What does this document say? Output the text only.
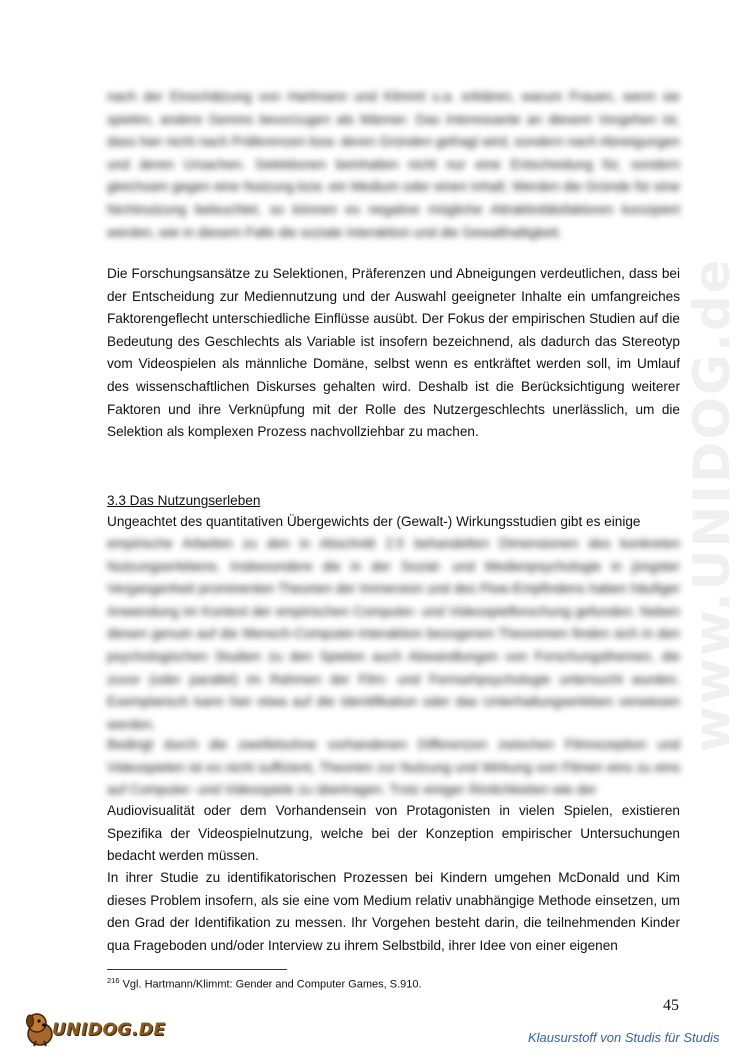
www.UNIDOG.de

nach der Einschätzung von Hartmann und Klimmt u.a. erklären, warum Frauen, wenn sie spielen, andere Genres bevorzugen als Männer. Das Interessante an diesem Vorgehen ist, dass hier nicht nach Präferenzen bzw. deren Gründen gefragt wird, sondern nach Abneigungen und deren Ursachen. Selektionen beinhalten nicht nur eine Entscheidung für, sondern gleichsam gegen eine Nutzung bzw. ein Medium oder einen Inhalt. Werden die Gründe für eine Nichtnutzung beleuchtet, so können es negative mögliche Attraktivitätsfaktoren konzipiert werden, wie in diesem Falle die soziale Interaktion und die Gewalthaltigkeit.

Die Forschungsansätze zu Selektionen, Präferenzen und Abneigungen verdeutlichen, dass bei der Entscheidung zur Mediennutzung und der Auswahl geeigneter Inhalte ein umfangreiches Faktorengeflecht unterschiedliche Einflüsse ausübt. Der Fokus der empirischen Studien auf die Bedeutung des Geschlechts als Variable ist insofern bezeichnend, als dadurch das Stereotyp vom Videospielen als männliche Domäne, selbst wenn es entkräftet werden soll, im Umlauf des wissenschaftlichen Diskurses gehalten wird. Deshalb ist die Berücksichtigung weiterer Faktoren und ihre Verknüpfung mit der Rolle des Nutzergeschlechts unerlässlich, um die Selektion als komplexen Prozess nachvollziehbar zu machen.

3.3 Das Nutzungserleben

Ungeachtet des quantitativen Übergewichts der (Gewalt-) Wirkungsstudien gibt es einige

empirische Arbeiten zu den in Abschnitt 2.5 behandelten Dimensionen des konkreten Nutzungserlebens. Insbesondere die in der Sozial- und Medienpsychologie in jüngster Vergangenheit prominenten Theorien der Immersion und des Flow-Empfindens haben häufiger Anwendung im Kontext der empirischen Computer- und Videospielforschung gefunden. Neben diesen genuin auf die Mensch-Computer-Interaktion bezogenen Theoremen finden sich in den psychologischen Studien zu den Spielen auch Abwandlungen von Forschungsthemen, die zuvor (oder parallel) im Rahmen der Film- und Fernsehpsychologie untersucht wurden. Exemplarisch kann hier etwa auf die Identifikation oder das Unterhaltungserleben verwiesen werden.

Bedingt durch die zweifelsohne vorhandenen Differenzen zwischen Filmrezeption und Videospielen ist es nicht suffizient, Theorien zur Nutzung und Wirkung von Filmen eins zu eins auf Computer- und Videospiele zu übertragen. Trotz einiger Ähnlichkeiten wie der

Audiovisualität oder dem Vorhandensein von Protagonisten in vielen Spielen, existieren Spezifika der Videospielnutzung, welche bei der Konzeption empirischer Untersuchungen bedacht werden müssen.

In ihrer Studie zu identifikatorischen Prozessen bei Kindern umgehen McDonald und Kim dieses Problem insofern, als sie eine vom Medium relativ unabhängige Methode einsetzen, um den Grad der Identifikation zu messen. Ihr Vorgehen besteht darin, die teilnehmenden Kinder qua Frageboden und/oder Interview zu ihrem Selbstbild, ihrer Idee von einer eigenen

$^{216}$ Vgl. Hartmann/Klimmt: Gender and Computer Games, S.910.

45
UNIDOG.DE	Klausurstoff von Studis für Studis
